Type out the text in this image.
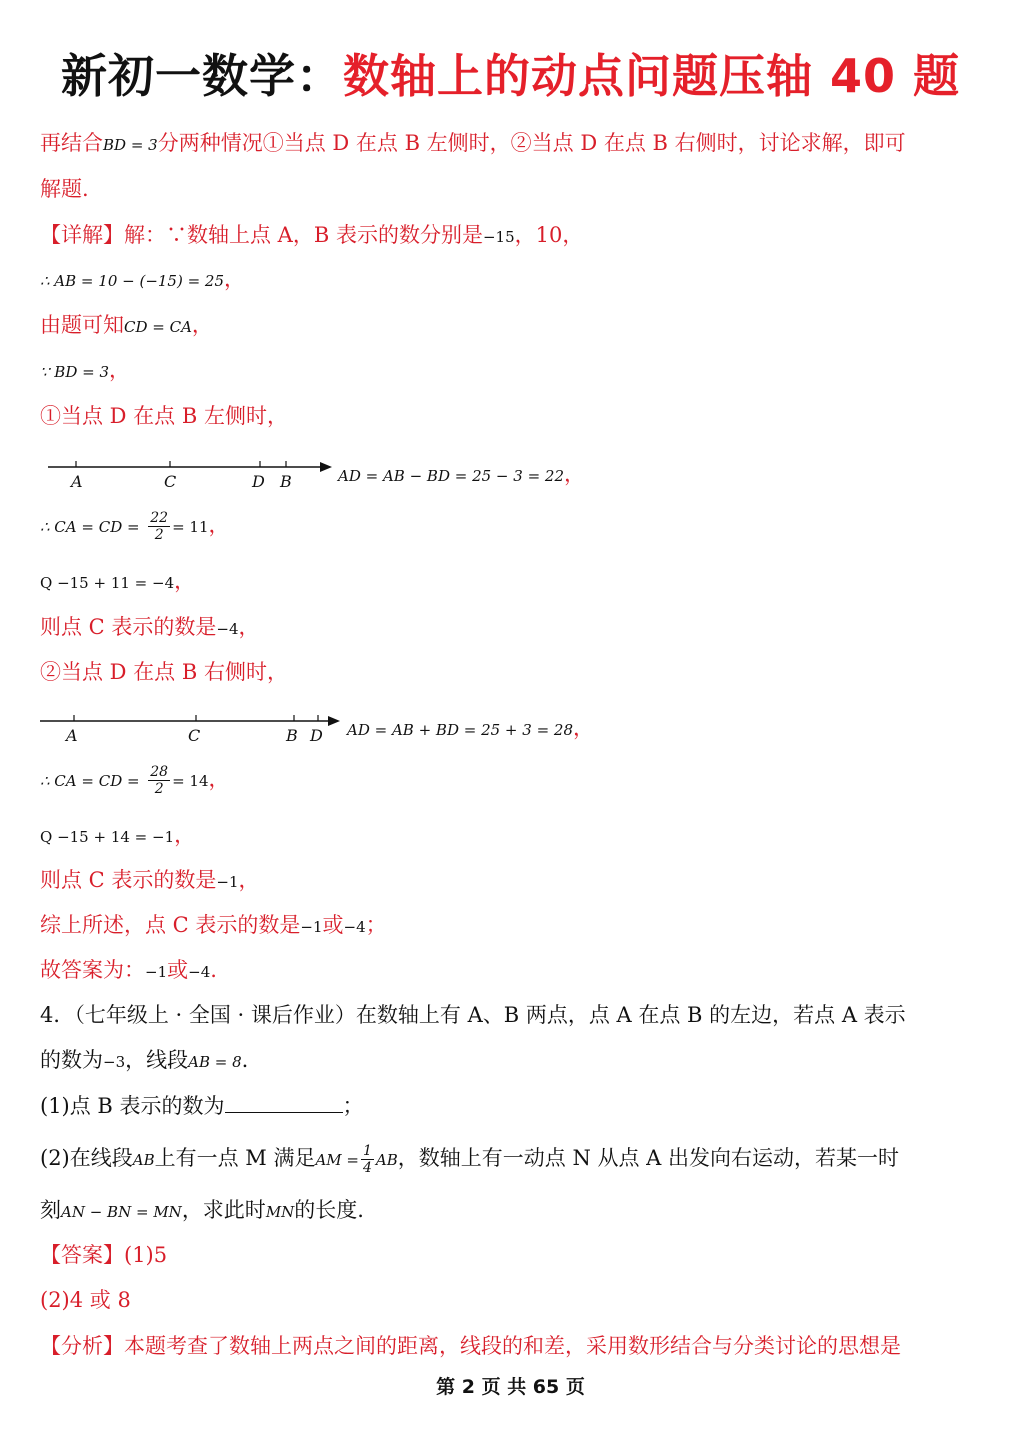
新初一数学：数轴上的动点问题压轴 40 题
再结合BD = 3分两种情况①当点 D 在点 B 左侧时，②当点 D 在点 B 右侧时，讨论求解，即可
解题.
【详解】解：∵数轴上点 A，B 表示的数分别是−15，10，
∴ AB = 10 − (−15) = 25，
由题可知CD = CA，
∵ BD = 3，
①当点 D 在点 B 左侧时，
A	C	D B	AD = AB − BD = 25 − 3 = 22，
∴ CA = CD = $\frac{22}{2} = 11$，
Q −15 + 11 = −4，
则点 C 表示的数是−4，
②当点 D 在点 B 右侧时，
A	C	B D AD = AB + BD = 25 + 3 = 28，
∴ CA = CD = $\frac{28}{2} = 14$，
Q −15 + 14 = −1，
则点 C 表示的数是−1，
综上所述，点 C 表示的数是−1或−4；
故答案为：−1或−4.
4．（七年级上 · 全国 · 课后作业）在数轴上有 A、B 两点，点 A 在点 B 的左边，若点 A 表示
的数为−3，线段AB = 8.
(1)点 B 表示的数为	；
(2)在线段AB上有一点 M 满足AM = $\frac{1}{4}$ AB，数轴上有一动点 N 从点 A 出发向右运动，若某一时
刻AN − BN = MN，求此时MN的长度.
【答案】(1)5
(2)4 或 8
【分析】本题考查了数轴上两点之间的距离，线段的和差，采用数形结合与分类讨论的思想是
第 2 页 共 65 页
